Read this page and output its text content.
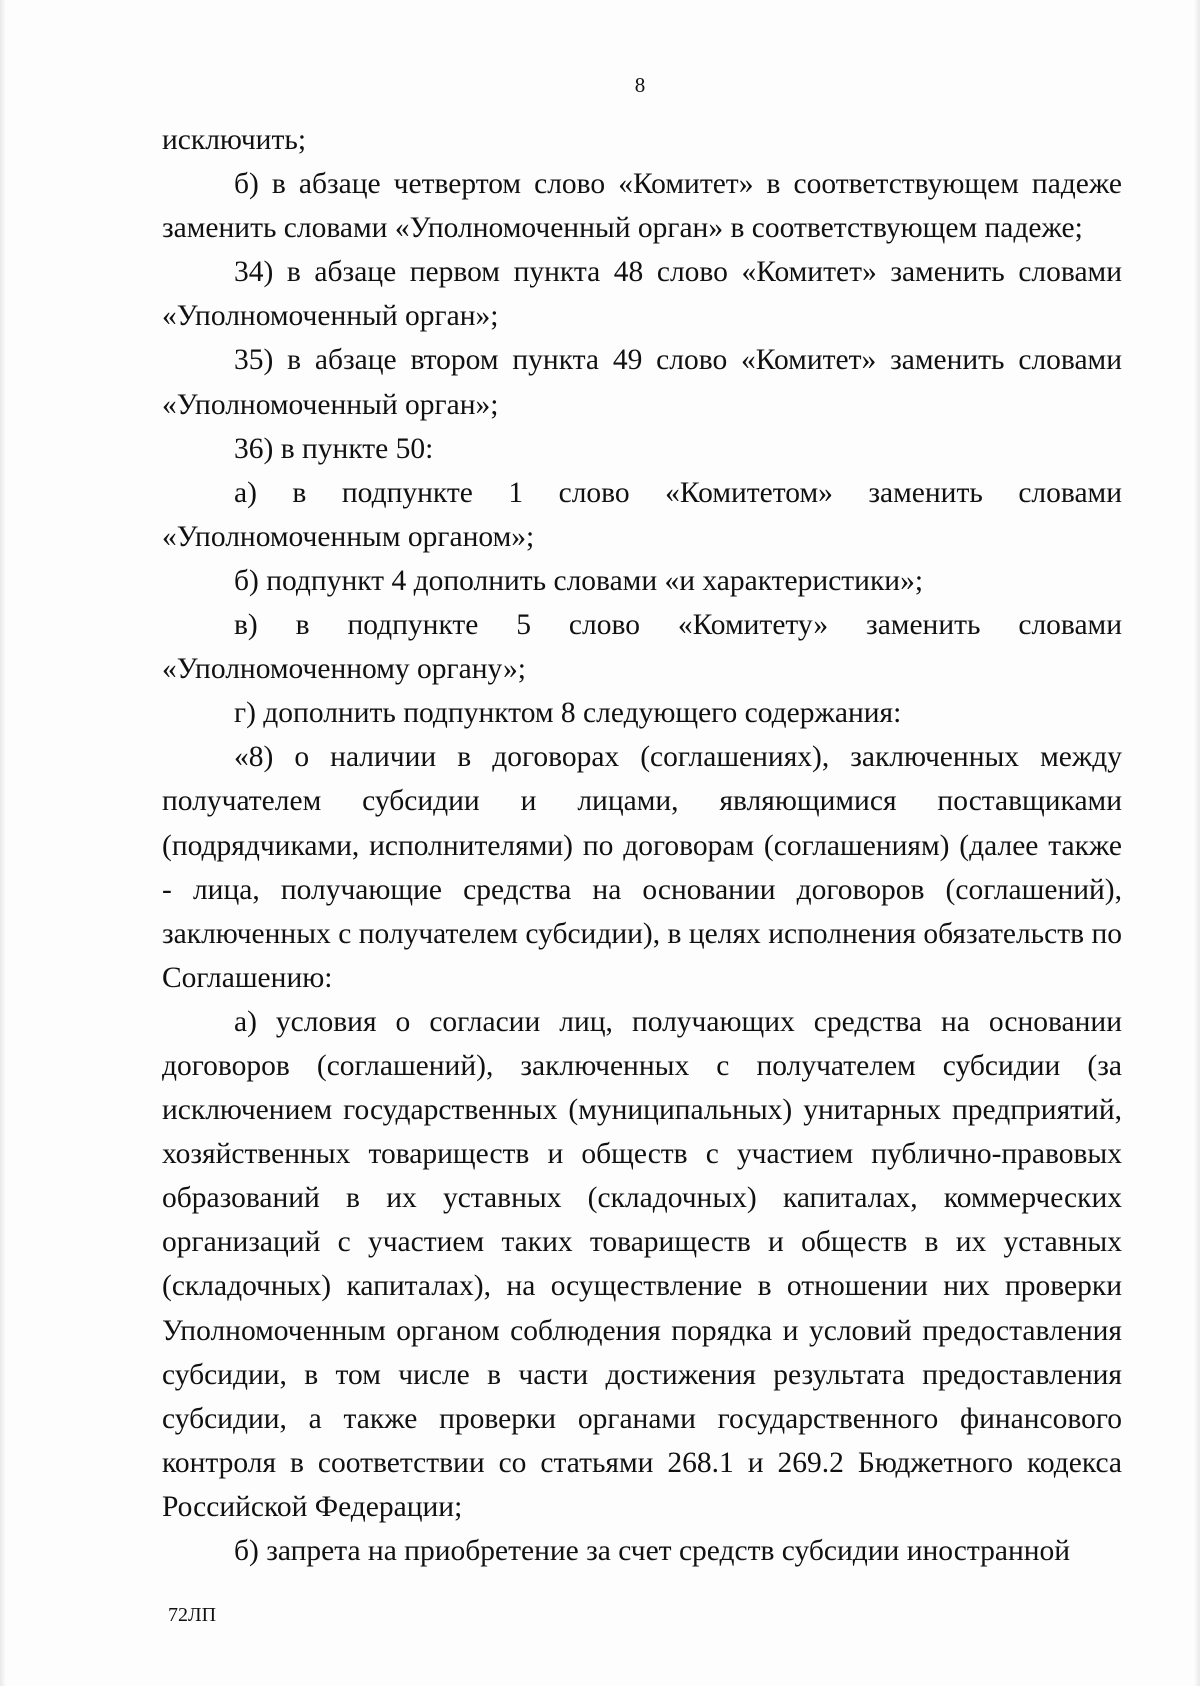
8

исключить;

б) в абзаце четвертом слово «Комитет» в соответствующем падеже заменить словами «Уполномоченный орган» в соответствующем падеже;

34) в абзаце первом пункта 48 слово «Комитет» заменить словами «Уполномоченный орган»;

35) в абзаце втором пункта 49 слово «Комитет» заменить словами «Уполномоченный орган»;

36) в пункте 50:

а) в подпункте 1 слово «Комитетом» заменить словами «Уполномоченным органом»;

б) подпункт 4 дополнить словами «и характеристики»;

в) в подпункте 5 слово «Комитету» заменить словами «Уполномоченному органу»;

г) дополнить подпунктом 8 следующего содержания:

«8) о наличии в договорах (соглашениях), заключенных между получателем субсидии и лицами, являющимися поставщиками (подрядчиками, исполнителями) по договорам (соглашениям) (далее также - лица, получающие средства на основании договоров (соглашений), заключенных с получателем субсидии), в целях исполнения обязательств по Соглашению:

а) условия о согласии лиц, получающих средства на основании договоров (соглашений), заключенных с получателем субсидии (за исключением государственных (муниципальных) унитарных предприятий, хозяйственных товариществ и обществ с участием публично-правовых образований в их уставных (складочных) капиталах, коммерческих организаций с участием таких товариществ и обществ в их уставных (складочных) капиталах), на осуществление в отношении них проверки Уполномоченным органом соблюдения порядка и условий предоставления субсидии, в том числе в части достижения результата предоставления субсидии, а также проверки органами государственного финансового контроля в соответствии со статьями 268.1 и 269.2 Бюджетного кодекса Российской Федерации;

б) запрета на приобретение за счет средств субсидии иностранной

72ЛП
